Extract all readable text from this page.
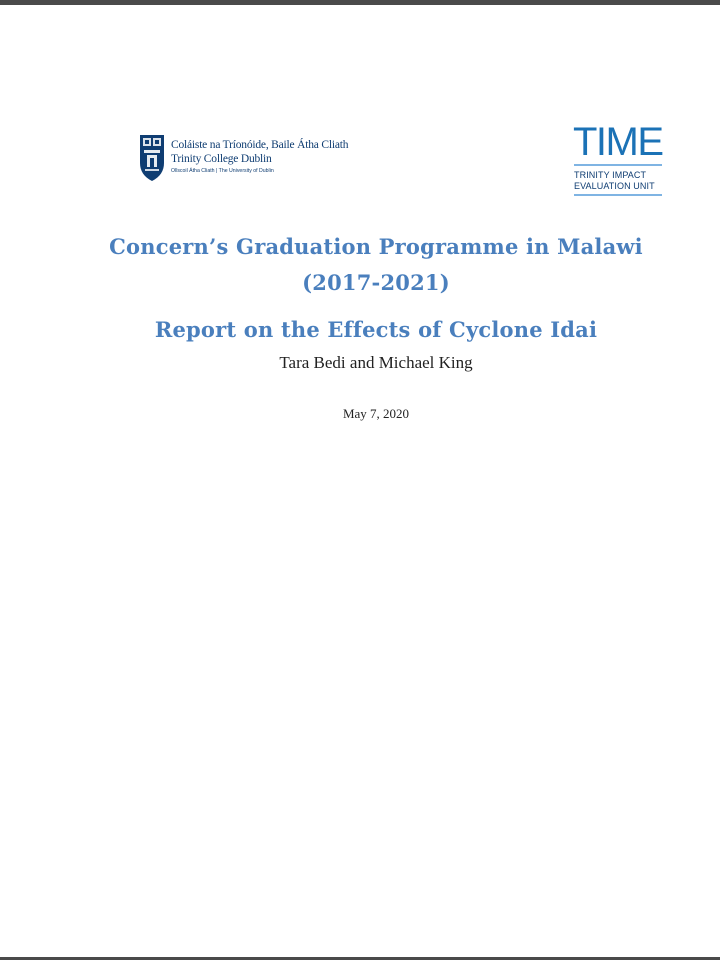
Coláiste na Tríonóide, Baile Átha Cliath
Trinity College Dublin
Ollscoil Átha Cliath | The University of Dublin
TIME
TRINITY IMPACT
EVALUATION UNIT
Concern’s Graduation Programme in Malawi
(2017-2021)
Report on the Effects of Cyclone Idai
Tara Bedi and Michael King
May 7, 2020
